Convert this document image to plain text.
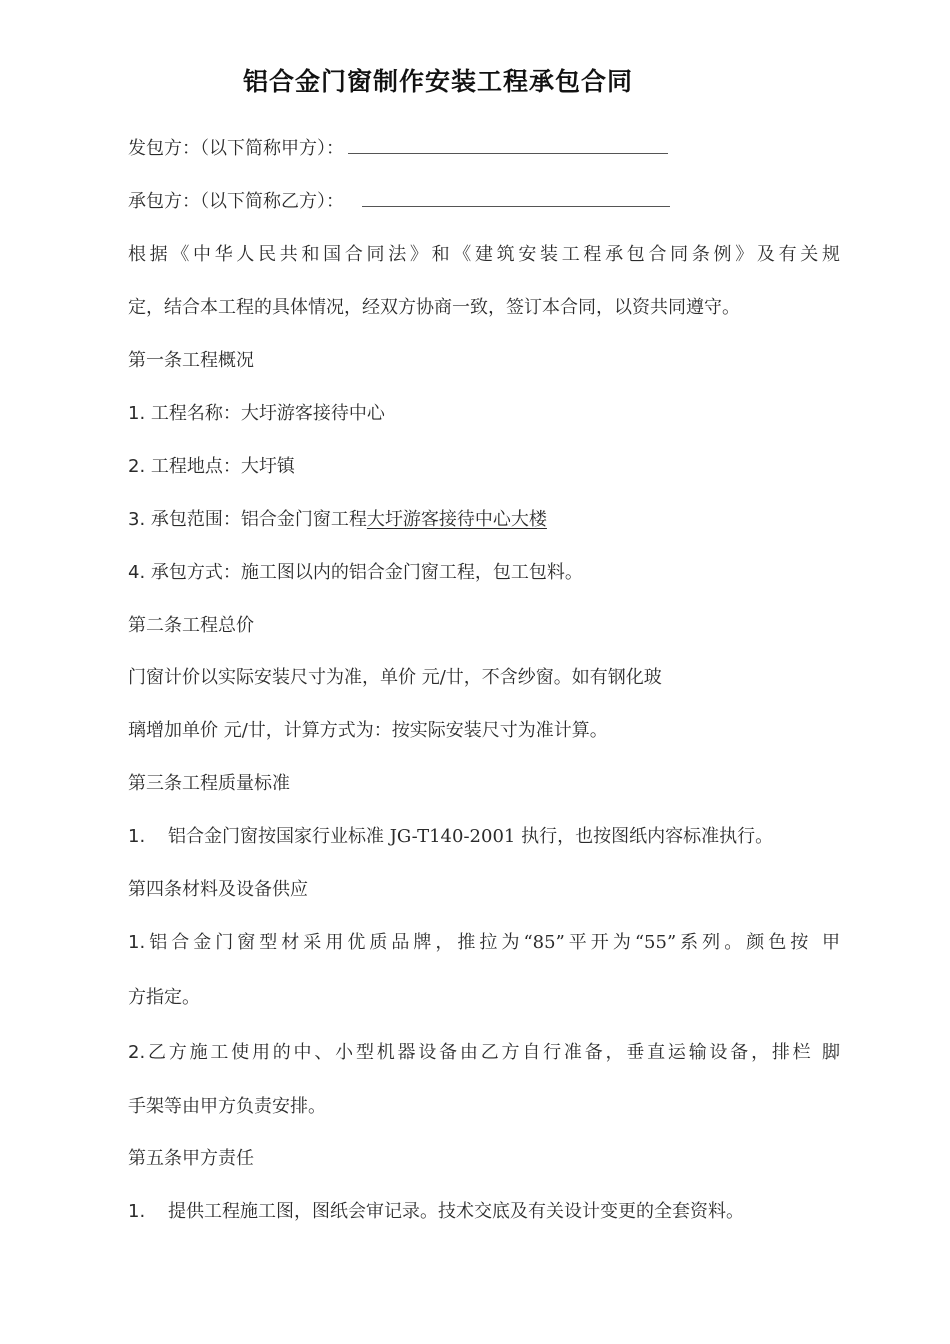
铝合金门窗制作安装工程承包合同
发包方：（以下简称甲方）：
承包方：（以下简称乙方）：
根据《中华人民共和国合同法》和《建筑安装工程承包合同条例》及有关规
定，结合本工程的具体情况，经双方协商一致，签订本合同，以资共同遵守。
第一条工程概况
1. 工程名称：大圩游客接待中心
2. 工程地点：大圩镇
3. 承包范围：铝合金门窗工程大圩游客接待中心大楼
4. 承包方式：施工图以内的铝合金门窗工程，包工包料。
第二条工程总价
门窗计价以实际安装尺寸为准，单价 元/廿，不含纱窗。如有钢化玻
璃增加单价 元/廿，计算方式为：按实际安装尺寸为准计算。
第三条工程质量标准
1. 铝合金门窗按国家行业标准 JG-T140-2001 执行，也按图纸内容标准执行。
第四条材料及设备供应
1.铝合金门窗型材采用优质品牌，推拉为“85”平开为“55”系列。颜色按 甲
方指定。
2.乙方施工使用的中、小型机器设备由乙方自行准备，垂直运输设备，排栏 脚
手架等由甲方负责安排。
第五条甲方责任
1. 提供工程施工图，图纸会审记录。技术交底及有关设计变更的全套资料。
